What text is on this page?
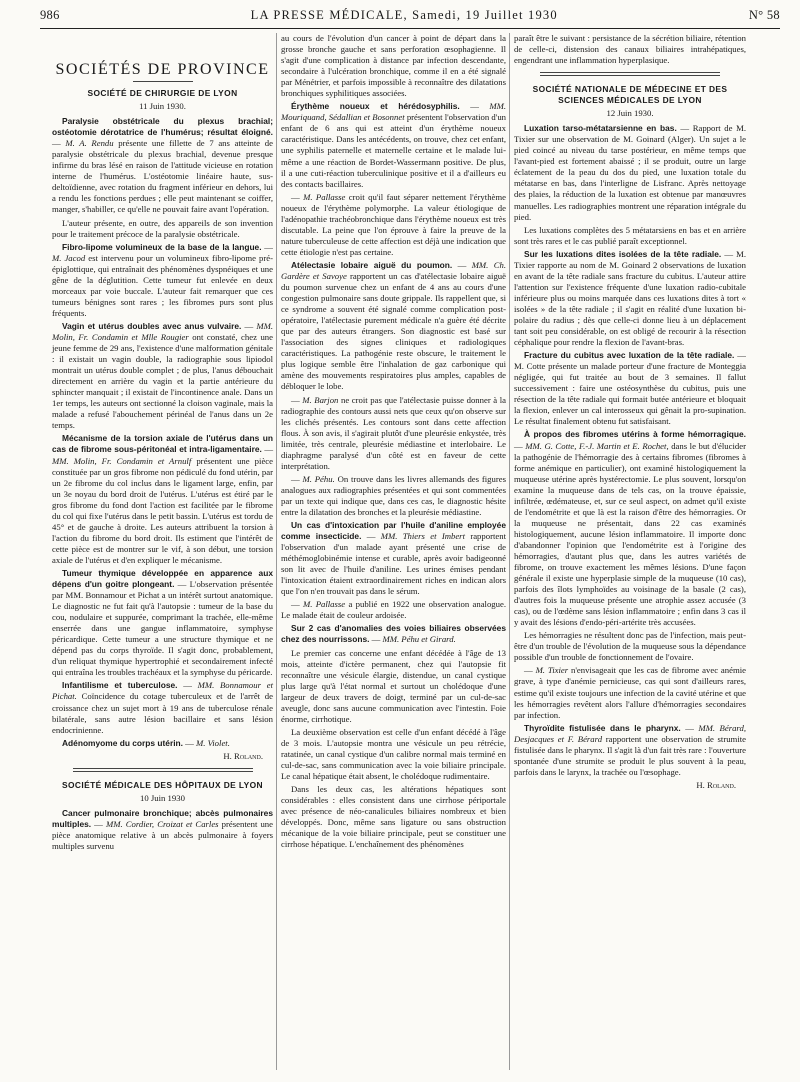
986	LA PRESSE MÉDICALE, Samedi, 19 Juillet 1930	N° 58
SOCIÉTÉS DE PROVINCE
SOCIÉTÉ DE CHIRURGIE DE LYON
11 Juin 1930.

Paralysie obstétricale du plexus brachial; ostéotomie dérotatrice de l'humérus; résultat éloigné. — M. A. Rendu présente une fillette de 7 ans atteinte de paralysie obstétricale du plexus brachial, devenue presque infirme du bras lésé en raison de l'attitude vicieuse en rotation interne de l'humérus. L'ostéotomie linéaire haute, sus-deltoïdienne, avec rotation du fragment inférieur en dehors, lui a rendu les fonctions perdues ; elle peut maintenant se coiffer, manger, s'habiller, ce qu'elle ne pouvait faire avant l'opération.

L'auteur présente, en outre, des appareils de son invention pour le traitement précoce de la paralysie obstétricale.

Fibro-lipome volumineux de la base de la langue. — M. Jacod est intervenu pour un volumineux fibro-lipome pré-épiglottique, qui entraînait des phénomènes dyspnéiques et une gêne de la déglutition. Cette tumeur fut enlevée en deux morceaux par voie buccale. L'auteur fait remarquer que ces tumeurs bénignes sont rares ; les fibromes purs sont plus fréquents.

Vagin et utérus doubles avec anus vulvaire. — MM. Molin, Fr. Condamin et Mlle Rougier ont constaté, chez une jeune femme de 29 ans, l'existence d'une malformation génitale : il existait un vagin double, la radiographie sous lipiodol montrait un utérus double complet ; de plus, l'anus débouchait directement en arrière du vagin et la partie antérieure du sphincter manquait ; il existait de l'incontinence anale. Dans un 1er temps, les auteurs ont sectionné la cloison vaginale, mais la malade a refusé l'abouchement périnéal de l'anus dans un 2e temps.

Mécanisme de la torsion axiale de l'utérus dans un cas de fibrome sous-péritonéal et intra-ligamentaire. — MM. Molin, Fr. Condamin et Arnulf présentent une pièce constituée par un gros fibrome non pédiculé du fond utérin, par un 2e fibrome du col inclus dans le ligament large, enfin, par un 3e noyau du bord droit de l'utérus. L'utérus est étiré par le gros fibrome du fond dont l'action est facilitée par le fibrome du col qui fixe l'utérus dans le petit bassin. L'utérus est tordu de 45° et de gauche à droite. Les auteurs attribuent la torsion à l'action du fibrome du bord droit. Ils estiment que l'intérêt de cette pièce est de montrer sur le vif, à son début, une torsion axiale de l'utérus et d'en expliquer le mécanisme.

Tumeur thymique développée en apparence aux dépens d'un goitre plongeant. — L'observation présentée par MM. Bonnamour et Pichat a un intérêt surtout anatomique. Le diagnostic ne fut fait qu'à l'autopsie : tumeur de la base du cou, nodulaire et suppurée, comprimant la trachée, elle-même enserrée dans une gangue inflammatoire, symphyse péricardique. Cette tumeur a une structure thymique et ne dépend pas du corps thyroïde. Il s'agit donc, probablement, d'un reliquat thymique hypertrophié et secondairement infecté qui entraîna les troubles trachéaux et la symphyse du péricarde.

Infantilisme et tuberculose. — MM. Bonnamour et Pichat. Coïncidence du cotage tuberculeux et de l'arrêt de croissance chez un sujet mort à 19 ans de tuberculose rénale bilatérale, sans autre lésion bacillaire et sans lésion endocrinienne.

Adénomyome du corps utérin. — M. Violet.

H. Roland.
SOCIÉTÉ MÉDICALE DES HÔPITAUX DE LYON
10 Juin 1930

Cancer pulmonaire bronchique; abcès pulmonaires multiples. — MM. Cordier, Croizat et Carles présentent une pièce anatomique relative à un abcès pulmonaire à foyers multiples survenu

au cours de l'évolution d'un cancer à point de départ dans la grosse bronche gauche et sans perforation œsophagienne. Il s'agit d'une complication à distance par infection descendante, secondaire à l'ulcération bronchique, comme il en a été signalé par Ménétrier, et parfois impossible à reconnaître des dilatations bronchiques syphilitiques associées.

Érythème noueux et hérédosyphilis. — MM. Mouriquand, Sédallian et Bosonnet présentent l'observation d'un enfant de 6 ans qui est atteint d'un érythème noueux caractéristique. Dans les antécédents, on trouve, chez cet enfant, une syphilis paternelle et maternelle certaine et le malade lui-même a une réaction de Bordet-Wassermann positive. De plus, il a une cuti-réaction tuberculinique positive et il a d'ailleurs eu des contacts bacillaires.

— M. Pallasse croit qu'il faut séparer nettement l'érythème noueux de l'érythème polymorphe. La valeur étiologique de l'adénopathie trachéobronchique dans l'érythème noueux est très discutable. La peine que l'on éprouve à faire la preuve de la nature tuberculeuse de cette affection est déjà une indication que cette étiologie n'est pas certaine.

Atélectasie lobaire aiguë du poumon. — MM. Ch. Gardère et Savoye rapportent un cas d'atélectasie lobaire aiguë du poumon survenue chez un enfant de 4 ans au cours d'une congestion pulmonaire sans doute grippale. Ils rappellent que, si ce syndrome a souvent été signalé comme complication post-opératoire, l'atélectasie purement médicale n'a guère été décrite que par des auteurs étrangers. Son diagnostic est basé sur l'association des signes cliniques et radiologiques caractéristiques. La pathogénie reste obscure, le traitement le plus logique semble être l'inhalation de gaz carbonique qui amène des mouvements respiratoires plus amples, capables de débloquer le lobe.

— M. Barjon ne croit pas que l'atélectasie puisse donner à la radiographie des contours aussi nets que ceux qu'on observe sur les clichés présentés. Les contours sont dans cette affection flous. À son avis, il s'agirait plutôt d'une pleurésie enkystée, très limitée, très centrale, pleurésie médiastine et interlobaire. Le diaphragme paralysé d'un côté est en faveur de cette interprétation.

— M. Péhu. On trouve dans les livres allemands des figures analogues aux radiographies présentées et qui sont commentées par un texte qui indique que, dans ces cas, le diagnostic hésite entre la dilatation des bronches et la pleurésie médiastine.

Un cas d'intoxication par l'huile d'aniline employée comme insecticide. — MM. Thiers et Imbert rapportent l'observation d'un malade ayant présenté une crise de méthémoglobinémie intense et curable, après avoir badigeonné son lit avec de l'huile d'aniline. Les urines émises pendant l'intoxication étaient extraordinairement riches en indican alors que l'on n'en trouvait pas dans le sérum.

— M. Pallasse a publié en 1922 une observation analogue. Le malade était de couleur ardoisée.

Sur 2 cas d'anomalies des voies biliaires observées chez des nourrissons. — MM. Péhu et Girard.

Le premier cas concerne une enfant décédée à l'âge de 13 mois, atteinte d'ictère permanent, chez qui l'autopsie fit reconnaître une vésicule élargie, distendue, un canal cystique plus large qu'à l'état normal et surtout un cholédoque d'une largeur de deux travers de doigt, terminé par un cul-de-sac aveugle, donc sans aucune communication avec l'intestin. Foie énorme, cirrhotique.

La deuxième observation est celle d'un enfant décédé à l'âge de 3 mois. L'autopsie montra une vésicule un peu rétrécie, ratatinée, un canal cystique d'un calibre normal mais terminé en cul-de-sac, sans communication avec la voie biliaire principale. Le canal hépatique était absent, le cholédoque rudimentaire.

Dans les deux cas, les altérations hépatiques sont considérables : elles consistent dans une cirrhose périportale avec présence de néo-canalicules biliaires nombreux et bien développés. Donc, même sans ligature ou sans obstruction mécanique de la voie biliaire principale, peut se constituer une cirrhose hépatique. L'enchaînement des phénomènes

paraît être le suivant : persistance de la sécrétion biliaire, rétention de celle-ci, distension des canaux biliaires intrahépatiques, engendrant une inflammation hyperplasique.

SOCIÉTÉ NATIONALE DE MÉDECINE ET DES SCIENCES MÉDICALES DE LYON
12 Juin 1930.

Luxation tarso-métatarsienne en bas. — Rapport de M. Tixier sur une observation de M. Goinard (Alger). Un sujet a le pied coincé au niveau du tarse postérieur, en même temps que l'avant-pied est fortement abaissé ; il se produit, outre un large éclatement de la peau du dos du pied, une luxation totale du métatarse en bas, dans l'interligne de Lisfranc. Après nettoyage des plaies, la réduction de la luxation est obtenue par manœuvres manuelles. Les radiographies montrent une réparation intégrale du pied.

Les luxations complètes des 5 métatarsiens en bas et en arrière sont très rares et le cas publié paraît exceptionnel.

Sur les luxations dites isolées de la tête radiale. — M. Tixier rapporte au nom de M. Goinard 2 observations de luxation en avant de la tête radiale sans fracture du cubitus. L'auteur attire l'attention sur l'existence fréquente d'une luxation radio-cubitale inférieure plus ou moins marquée dans ces luxations dites à tort « isolées » de la tête radiale ; il s'agit en réalité d'une luxation bi-polaire du radius ; dès que celle-ci donne lieu à un déplacement tant soit peu considérable, on est obligé de recourir à la résection céphalique pour rendre la flexion de l'avant-bras.

Fracture du cubitus avec luxation de la tête radiale. — M. Cotte présente un malade porteur d'une fracture de Monteggia négligée, qui fut traitée au bout de 3 semaines. Il fallut successivement : faire une ostéosynthèse du cubitus, puis une résection de la tête radiale qui formait butée antérieure et bloquait la flexion, enlever un cal interosseux qui gênait la pro-supination. Le résultat finalement obtenu fut satisfaisant.

À propos des fibromes utérins à forme hémorragique. — MM. G. Cotte, F.-J. Martin et E. Rochet, dans le but d'élucider la pathogénie de l'hémorragie des à certains fibromes (fibromes à forme anémique en particulier), ont examiné histologiquement la muqueuse utérine après hystérectomie. Le plus souvent, lorsqu'on examine la muqueuse dans de tels cas, on la trouve épaissie, infiltrée, œdémateuse, et, sur ce seul aspect, on admet qu'il existe de l'endométrite et que là est la raison d'être des hémorragies. Or la muqueuse ne présentait, dans 22 cas examinés histologiquement, aucune lésion inflammatoire. Il importe donc d'abandonner l'opinion que l'endométrite est à l'origine des hémorragies, d'autant plus que, dans les autres variétés de fibrome, on trouve exactement les mêmes lésions. D'une façon générale il existe une hyperplasie simple de la muqueuse (10 cas), parfois des îlots lymphoïdes au voisinage de la basale (2 cas), d'autres fois la muqueuse présente une atrophie assez accusée (3 cas), ou de l'œdème sans lésion inflammatoire ; enfin dans 3 cas il y avait des lésions d'endo-péri-artérite très accusées.

Les hémorragies ne résultent donc pas de l'infection, mais peut-être d'un trouble de l'évolution de la muqueuse sous la dépendance possible d'un trouble de fonctionnement de l'ovaire.

— M. Tixier n'envisageait que les cas de fibrome avec anémie grave, à type d'anémie pernicieuse, cas qui sont d'ailleurs rares, estime qu'il existe toujours une infection de la cavité utérine et que les hémorragies revêtent alors l'allure d'hémorragies secondaires par infection.

Thyroïdite fistulisée dans le pharynx. — MM. Bérard, Desjacques et F. Bérard rapportent une observation de strumite fistulisée dans le pharynx. Il s'agit là d'un fait très rare : l'ouverture spontanée d'une strumite se produit le plus souvent à la peau, parfois dans le larynx, la trachée ou l'œsophage.

H. Roland.
